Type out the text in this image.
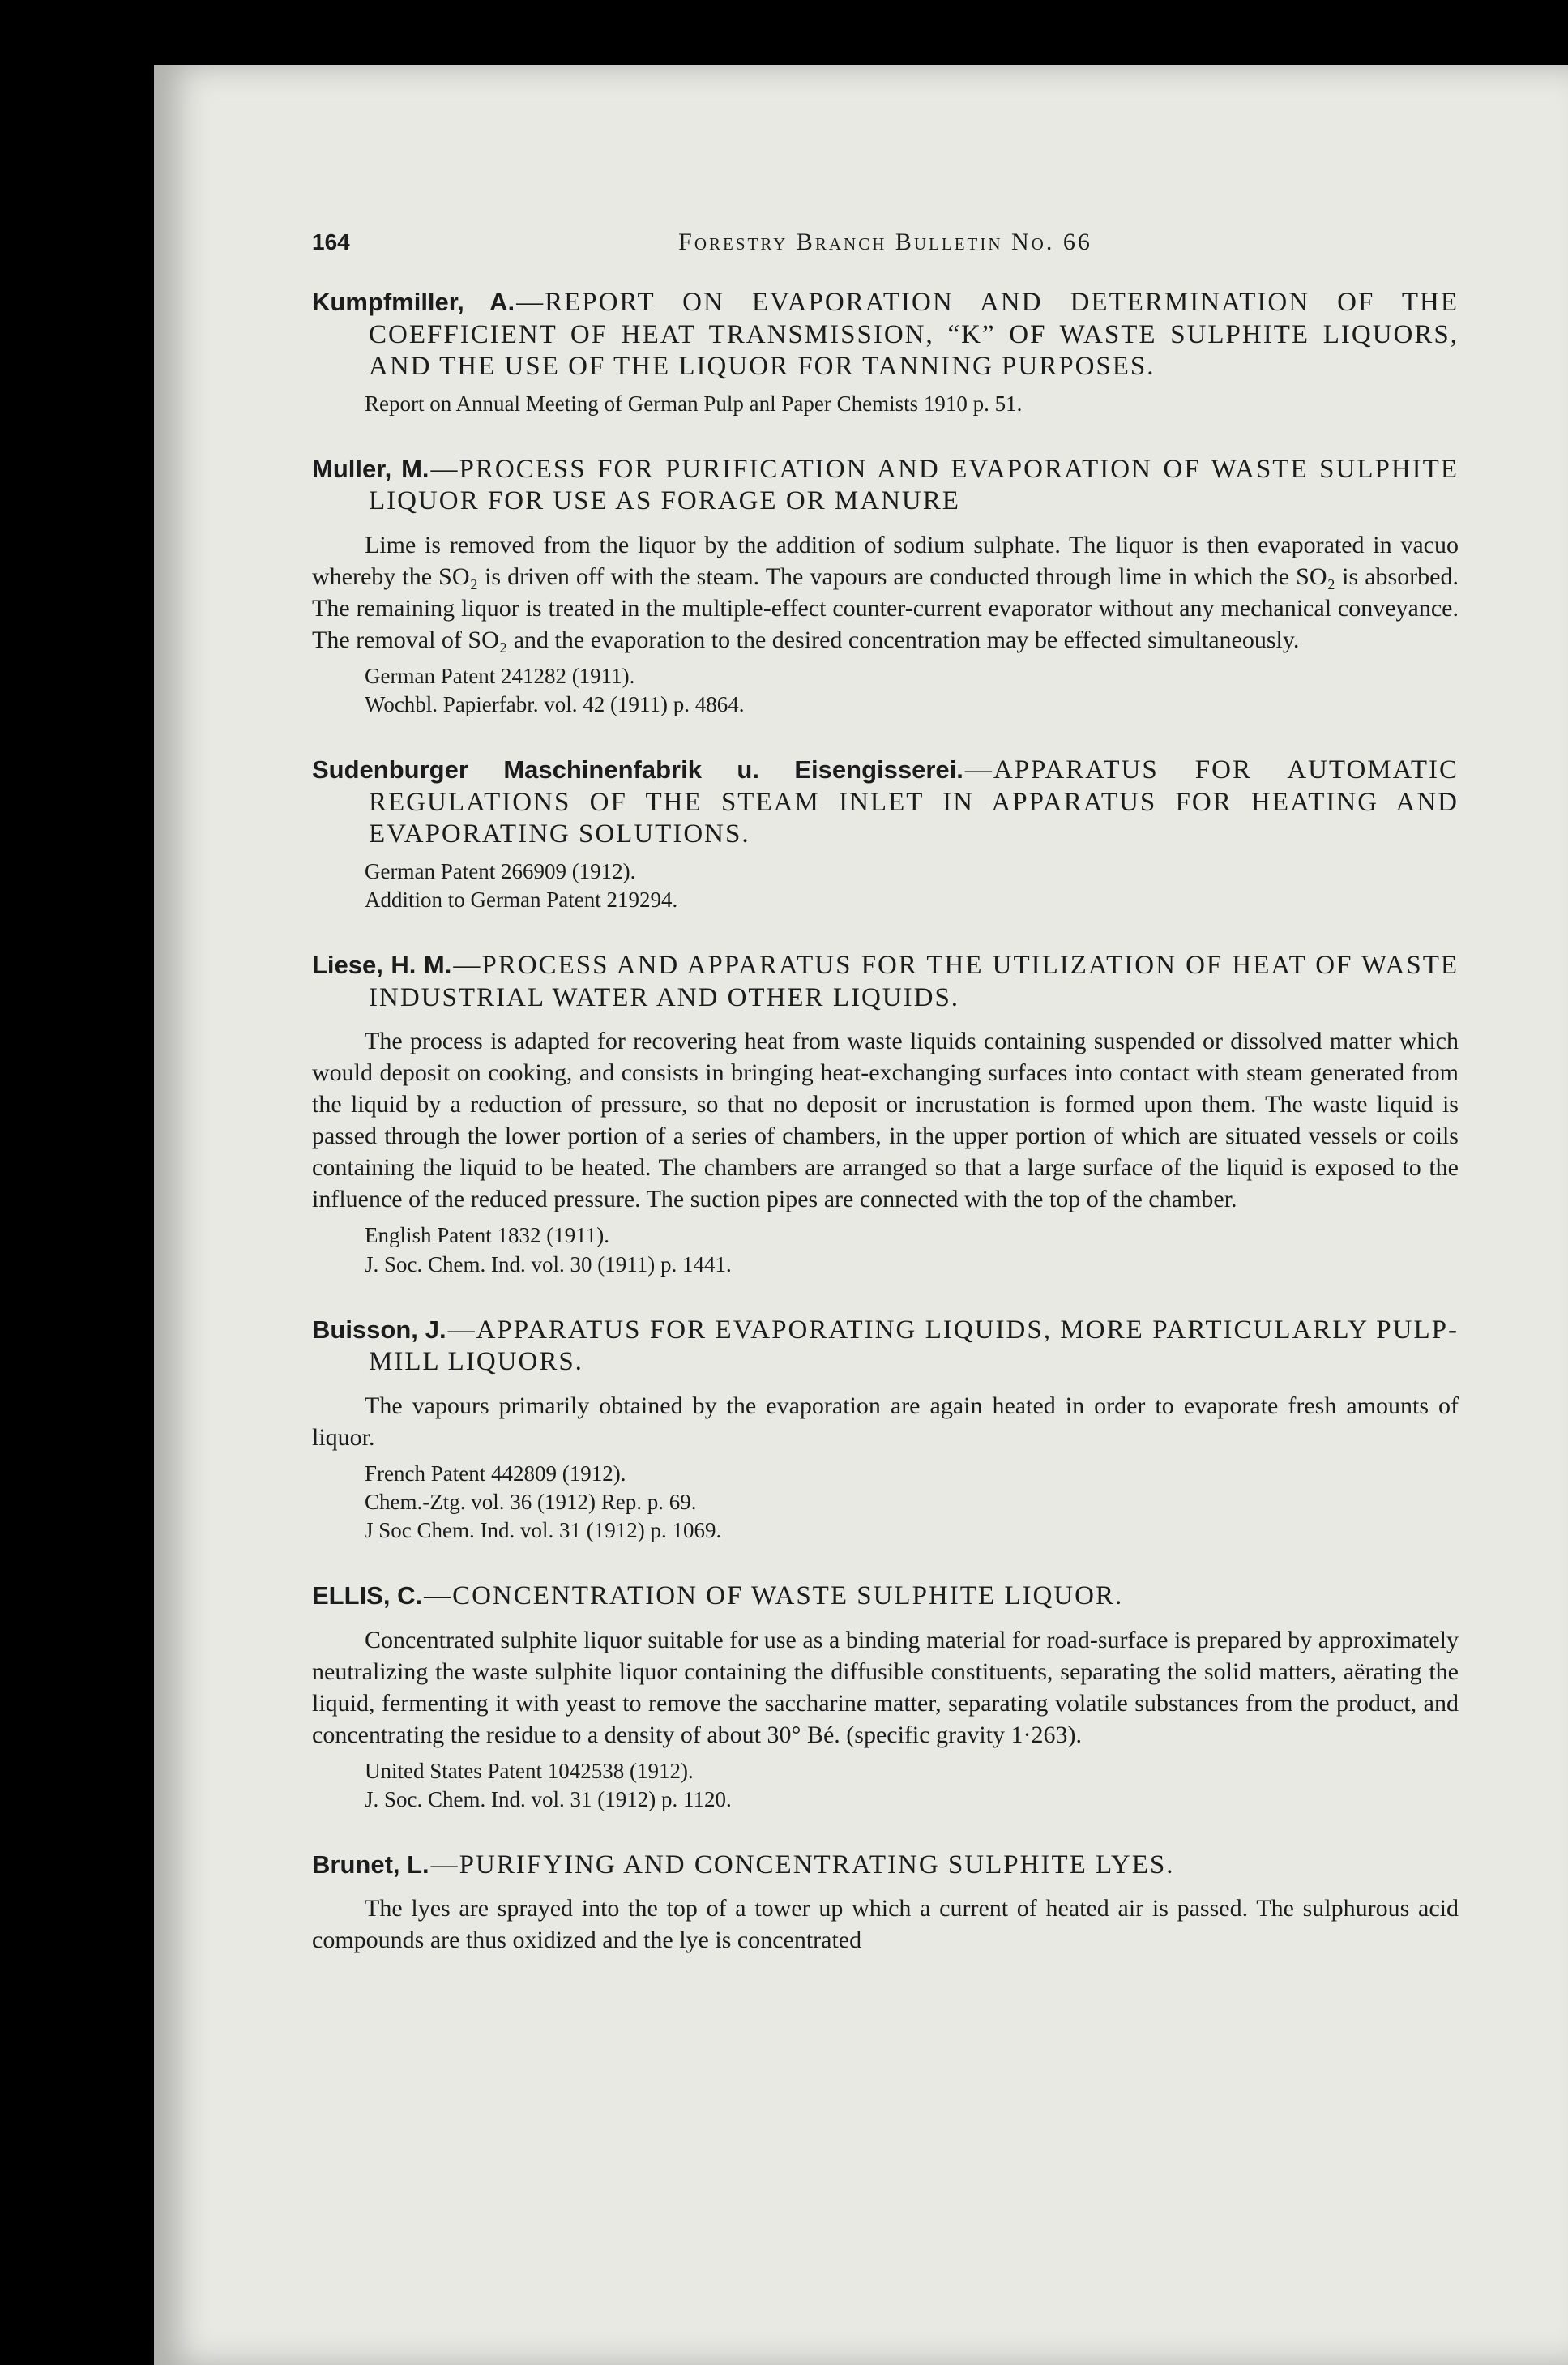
164	Forestry Branch Bulletin No. 66
Kumpfmiller, A.—REPORT ON EVAPORATION AND DETERMINATION OF THE COEFFICIENT OF HEAT TRANSMISSION, “K” OF WASTE SULPHITE LIQUORS, AND THE USE OF THE LIQUOR FOR TANNING PURPOSES.
Report on Annual Meeting of German Pulp anl Paper Chemists 1910 p. 51.
Muller, M.—PROCESS FOR PURIFICATION AND EVAPORATION OF WASTE SULPHITE LIQUOR FOR USE AS FORAGE OR MANURE

Lime is removed from the liquor by the addition of sodium sulphate. The liquor is then evaporated in vacuo whereby the SO₂ is driven off with the steam. The vapours are conducted through lime in which the SO₂ is absorbed. The remaining liquor is treated in the multiple-effect counter-current evaporator without any mechanical conveyance. The removal of SO₂ and the evaporation to the desired concentration may be effected simultaneously.

German Patent 241282 (1911).
Wochbl. Papierfabr. vol. 42 (1911) p. 4864.
Sudenburger Maschinenfabrik u. Eisengisserei.—APPARATUS FOR AUTOMATIC REGULATIONS OF THE STEAM INLET IN APPARATUS FOR HEATING AND EVAPORATING SOLUTIONS.
German Patent 266909 (1912).
Addition to German Patent 219294.
Liese, H. M.—PROCESS AND APPARATUS FOR THE UTILIZATION OF HEAT OF WASTE INDUSTRIAL WATER AND OTHER LIQUIDS.

The process is adapted for recovering heat from waste liquids containing suspended or dissolved matter which would deposit on cooking, and consists in bringing heat-exchanging surfaces into contact with steam generated from the liquid by a reduction of pressure, so that no deposit or incrustation is formed upon them. The waste liquid is passed through the lower portion of a series of chambers, in the upper portion of which are situated vessels or coils containing the liquid to be heated. The chambers are arranged so that a large surface of the liquid is exposed to the influence of the reduced pressure. The suction pipes are connected with the top of the chamber.

English Patent 1832 (1911).
J. Soc. Chem. Ind. vol. 30 (1911) p. 1441.
Buisson, J.—APPARATUS FOR EVAPORATING LIQUIDS, MORE PARTICULARLY PULP-MILL LIQUORS.

The vapours primarily obtained by the evaporation are again heated in order to evaporate fresh amounts of liquor.

French Patent 442809 (1912).
Chem.-Ztg. vol. 36 (1912) Rep. p. 69.
J Soc Chem. Ind. vol. 31 (1912) p. 1069.
ELLIS, C.—CONCENTRATION OF WASTE SULPHITE LIQUOR.

Concentrated sulphite liquor suitable for use as a binding material for road-surface is prepared by approximately neutralizing the waste sulphite liquor containing the diffusible constituents, separating the solid matters, aërating the liquid, fermenting it with yeast to remove the saccharine matter, separating volatile substances from the product, and concentrating the residue to a density of about 30° Bé. (specific gravity 1·263).

United States Patent 1042538 (1912).
J. Soc. Chem. Ind. vol. 31 (1912) p. 1120.
Brunet, L.—PURIFYING AND CONCENTRATING SULPHITE LYES.

The lyes are sprayed into the top of a tower up which a current of heated air is passed. The sulphurous acid compounds are thus oxidized and the lye is concentrated
